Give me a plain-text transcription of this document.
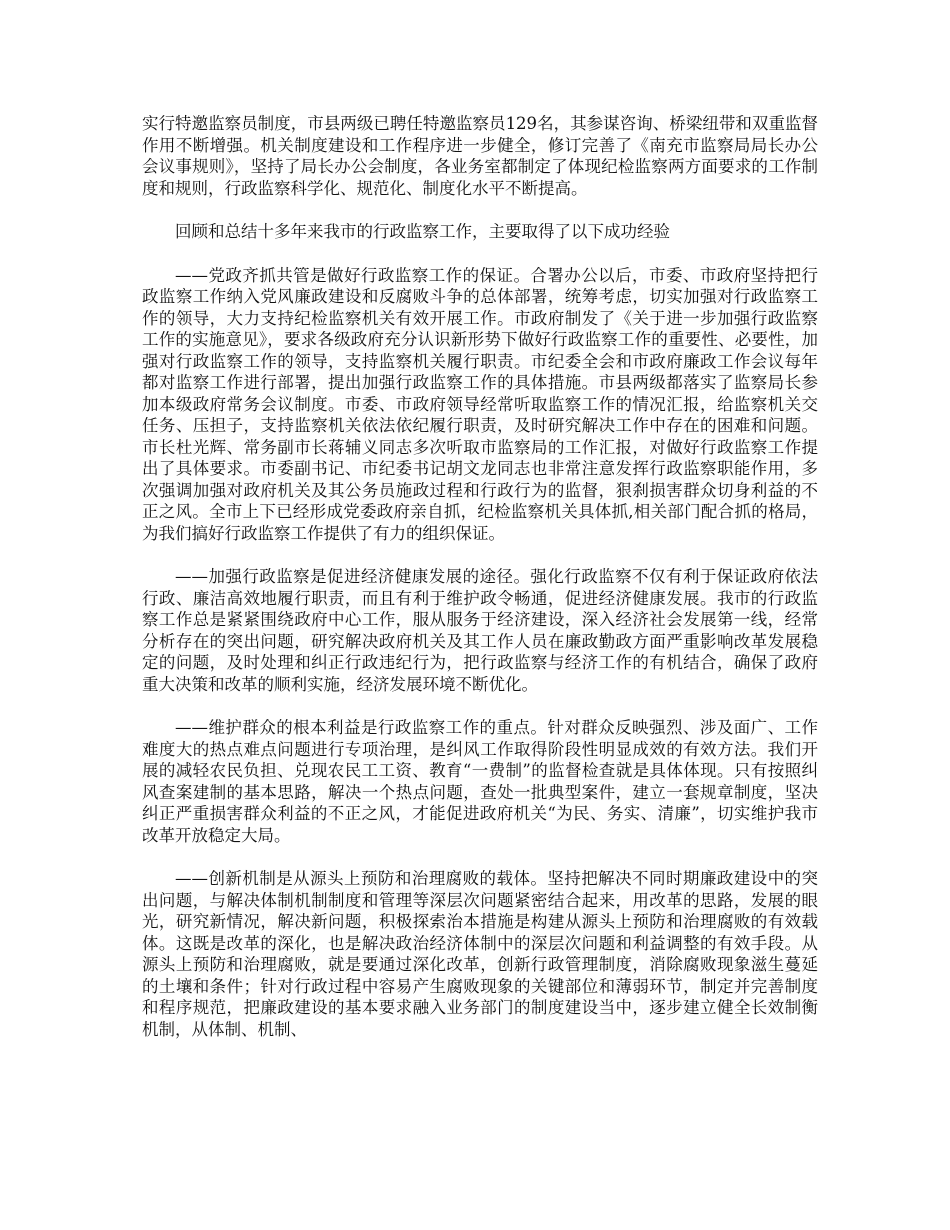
实行特邀监察员制度，市县两级已聘任特邀监察员129名，其参谋咨询、桥梁纽带和双重监督作用不断增强。机关制度建设和工作程序进一步健全，修订完善了《南充市监察局局长办公会议事规则》，坚持了局长办公会制度，各业务室都制定了体现纪检监察两方面要求的工作制度和规则，行政监察科学化、规范化、制度化水平不断提高。

回顾和总结十多年来我市的行政监察工作，主要取得了以下成功经验

——党政齐抓共管是做好行政监察工作的保证。合署办公以后，市委、市政府坚持把行政监察工作纳入党风廉政建设和反腐败斗争的总体部署，统筹考虑，切实加强对行政监察工作的领导，大力支持纪检监察机关有效开展工作。市政府制发了《关于进一步加强行政监察工作的实施意见》，要求各级政府充分认识新形势下做好行政监察工作的重要性、必要性，加强对行政监察工作的领导，支持监察机关履行职责。市纪委全会和市政府廉政工作会议每年都对监察工作进行部署，提出加强行政监察工作的具体措施。市县两级都落实了监察局长参加本级政府常务会议制度。市委、市政府领导经常听取监察工作的情况汇报，给监察机关交任务、压担子，支持监察机关依法依纪履行职责，及时研究解决工作中存在的困难和问题。市长杜光辉、常务副市长蒋辅义同志多次听取市监察局的工作汇报，对做好行政监察工作提出了具体要求。市委副书记、市纪委书记胡文龙同志也非常注意发挥行政监察职能作用，多次强调加强对政府机关及其公务员施政过程和行政行为的监督，狠刹损害群众切身利益的不正之风。全市上下已经形成党委政府亲自抓，纪检监察机关具体抓,相关部门配合抓的格局，为我们搞好行政监察工作提供了有力的组织保证。

——加强行政监察是促进经济健康发展的途径。强化行政监察不仅有利于保证政府依法行政、廉洁高效地履行职责，而且有利于维护政令畅通，促进经济健康发展。我市的行政监察工作总是紧紧围绕政府中心工作，服从服务于经济建设，深入经济社会发展第一线，经常分析存在的突出问题，研究解决政府机关及其工作人员在廉政勤政方面严重影响改革发展稳定的问题，及时处理和纠正行政违纪行为，把行政监察与经济工作的有机结合，确保了政府重大决策和改革的顺利实施，经济发展环境不断优化。

——维护群众的根本利益是行政监察工作的重点。针对群众反映强烈、涉及面广、工作难度大的热点难点问题进行专项治理，是纠风工作取得阶段性明显成效的有效方法。我们开展的减轻农民负担、兑现农民工工资、教育“一费制”的监督检查就是具体体现。只有按照纠风查案建制的基本思路，解决一个热点问题，查处一批典型案件，建立一套规章制度，坚决纠正严重损害群众利益的不正之风，才能促进政府机关“为民、务实、清廉”，切实维护我市改革开放稳定大局。

——创新机制是从源头上预防和治理腐败的载体。坚持把解决不同时期廉政建设中的突出问题，与解决体制机制制度和管理等深层次问题紧密结合起来，用改革的思路，发展的眼光，研究新情况，解决新问题，积极探索治本措施是构建从源头上预防和治理腐败的有效载体。这既是改革的深化，也是解决政治经济体制中的深层次问题和利益调整的有效手段。从源头上预防和治理腐败，就是要通过深化改革，创新行政管理制度，消除腐败现象滋生蔓延的土壤和条件；针对行政过程中容易产生腐败现象的关键部位和薄弱环节，制定并完善制度和程序规范，把廉政建设的基本要求融入业务部门的制度建设当中，逐步建立健全长效制衡机制，从体制、机制、
